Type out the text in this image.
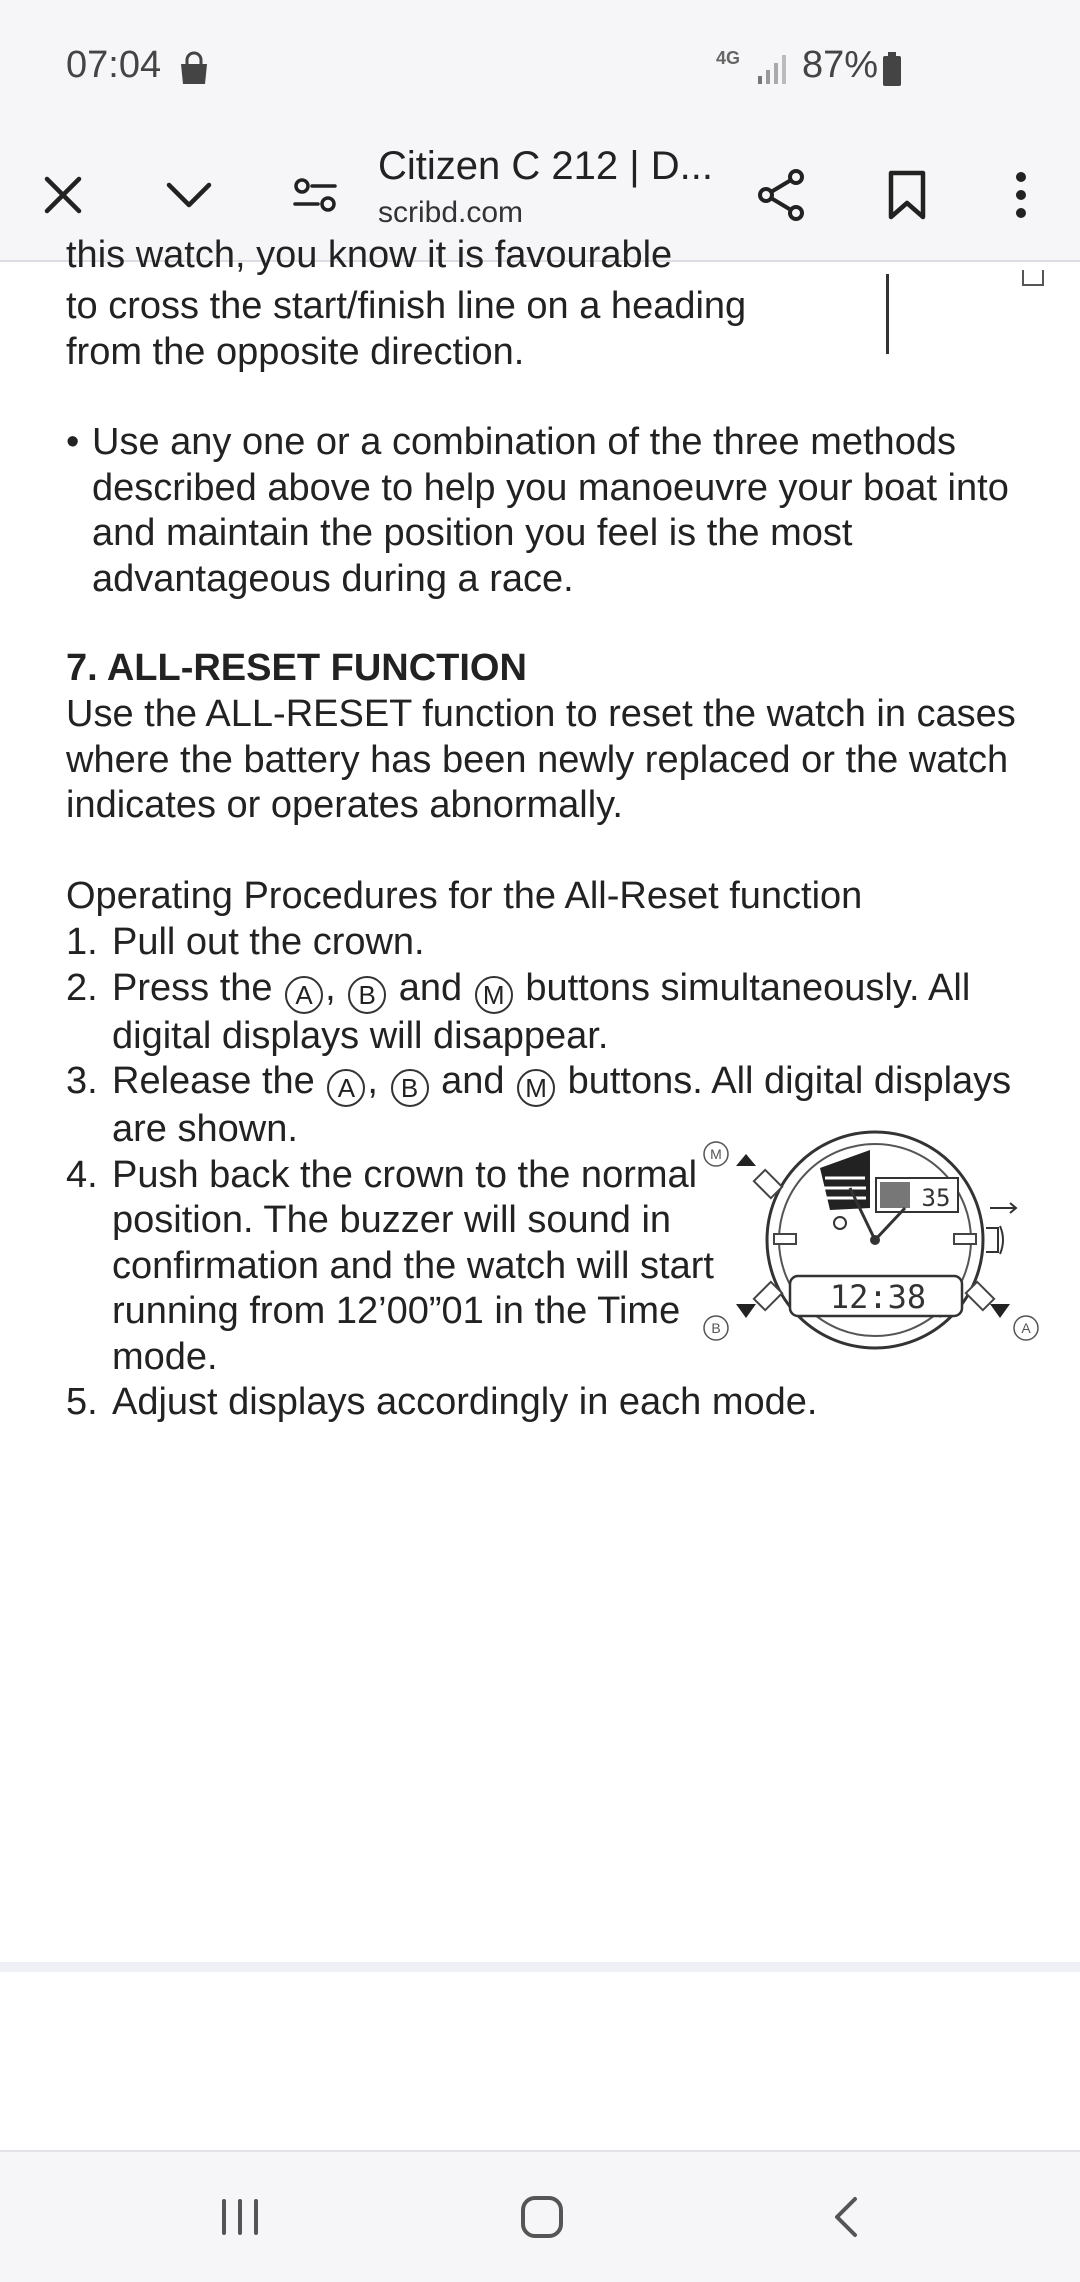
07:04	4G 87%
Citizen C 212 | D...
scribd.com
this watch, you know it is favourable

to cross the start/finish line on a heading from the opposite direction.

• Use any one or a combination of the three methods described above to help you manoeuvre your boat into and maintain the position you feel is the most advantageous during a race.
7. ALL-RESET FUNCTION

Use the ALL-RESET function to reset the watch in cases where the battery has been newly replaced or the watch indicates or operates abnormally.

Operating Procedures for the All-Reset function
1. Pull out the crown.
2. Press the A , B and M buttons simultaneously. All digital displays will disappear.
3. Release the A , B and M buttons. All digital displays are shown.
4. Push back the crown to the normal position. The buzzer will sound in confirmation and the watch will start running from 12’00”01 in the Time mode.
5. Adjust displays accordingly in each mode.
M
B	A
35
12:38
